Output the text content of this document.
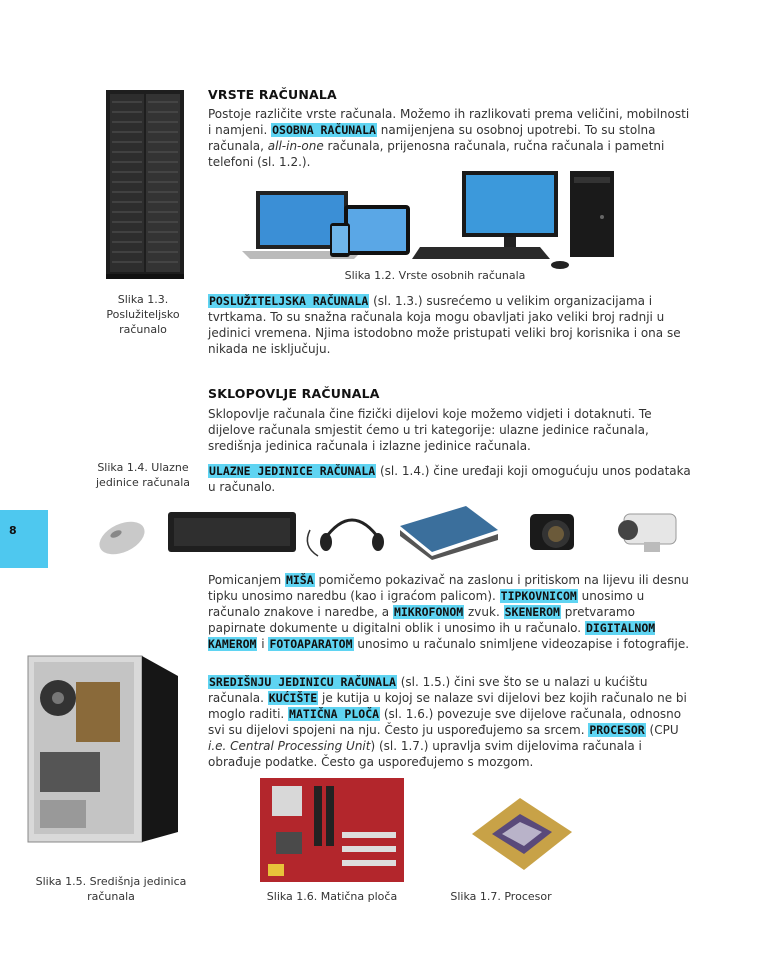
VRSTE RAČUNALA
Postoje različite vrste računala. Možemo ih razlikovati prema veličini, mobilnosti i namjeni. OSOBNA RAČUNALA namijenjena su osobnoj upotrebi. To su stolna računala, all-in-one računala, prijenosna računala, ručna računala i pametni telefoni (sl. 1.2.).
Slika 1.2. Vrste osobnih računala
Slika 1.3. Poslužiteljsko računalo
POSLUŽITELJSKA RAČUNALA (sl. 1.3.) susrećemo u velikim organizacijama i tvrtkama. To su snažna računala koja mogu obavljati jako veliki broj radnji u jedinici vremena. Njima istodobno može pristupati veliki broj korisnika i ona se nikada ne isključuju.
SKLOPOVLJE RAČUNALA
Sklopovlje računala čine fizički dijelovi koje možemo vidjeti i dotaknuti. Te dijelove računala smjestit ćemo u tri kategorije: ulazne jedinice računala, središnja jedinica računala i izlazne jedinice računala.
Slika 1.4. Ulazne jedinice računala
ULAZNE JEDINICE RAČUNALA (sl. 1.4.) čine uređaji koji omogućuju unos podataka u računalo.
8
Pomicanjem MIŠA pomičemo pokazivač na zaslonu i pritiskom na lijevu ili desnu tipku unosimo naredbu (kao i igraćom palicom). TIPKOVNICOM unosimo u računalo znakove i naredbe, a MIKROFONOM zvuk. SKENEROM pretvaramo papirnate dokumente u digitalni oblik i unosimo ih u računalo. DIGITALNOM KAMEROM i FOTOAPARATOM unosimo u računalo snimljene videozapise i fotografije.
SREDIŠNJU JEDINICU RAČUNALA (sl. 1.5.) čini sve što se u nalazi u kućištu računala. KUĆIŠTE je kutija u kojoj se nalaze svi dijelovi bez kojih računalo ne bi moglo raditi. MATIČNA PLOČA (sl. 1.6.) povezuje sve dijelove računala, odnosno svi su dijelovi spojeni na nju. Često ju uspoređujemo sa srcem. PROCESOR (CPU i.e. Central Processing Unit) (sl. 1.7.) upravlja svim dijelovima računala i obrađuje podatke. Često ga uspoređujemo s mozgom.
Slika 1.5. Središnja jedinica računala	Slika 1.6. Matična ploča	Slika 1.7. Procesor
